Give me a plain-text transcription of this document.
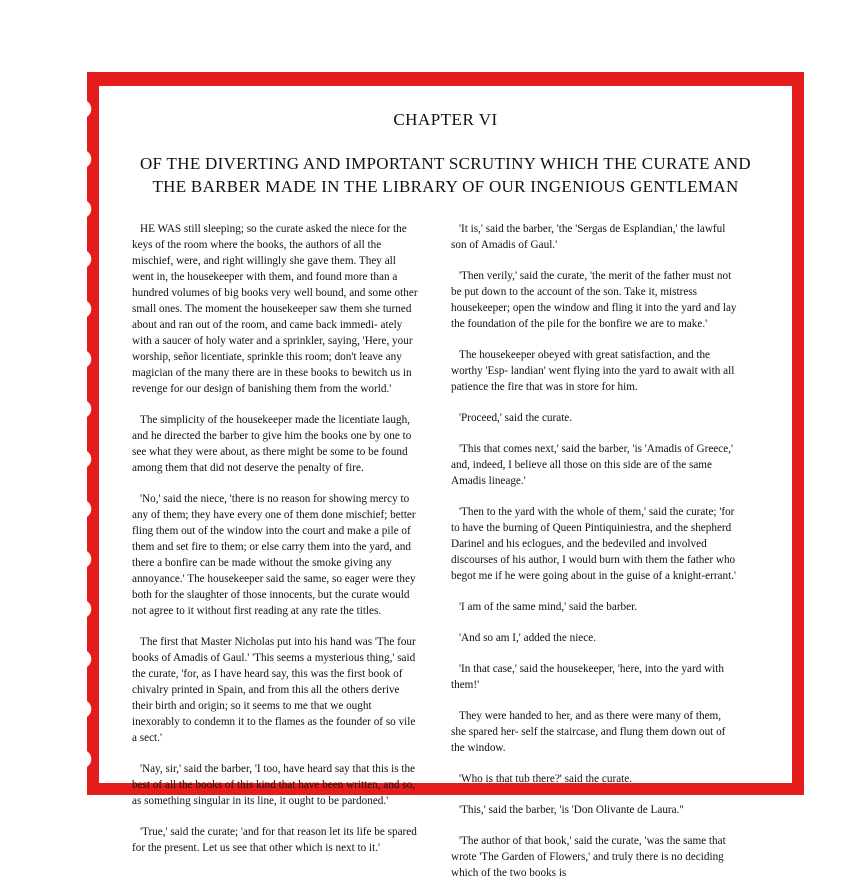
CHAPTER VI
OF THE DIVERTING AND IMPORTANT SCRUTINY WHICH THE CURATE AND THE BARBER MADE IN THE LIBRARY OF OUR INGENIOUS GENTLEMAN

HE WAS still sleeping; so the curate asked the niece for the keys of the room where the books, the authors of all the mischief, were, and right willingly she gave them. They all went in, the housekeeper with them, and found more than a hundred volumes of big books very well bound, and some other small ones. The moment the housekeeper saw them she turned about and ran out of the room, and came back immedi- ately with a saucer of holy water and a sprinkler, saying, 'Here, your worship, señor licentiate, sprinkle this room; don't leave any magician of the many there are in these books to bewitch us in revenge for our design of banishing them from the world.'

The simplicity of the housekeeper made the licentiate laugh, and he directed the barber to give him the books one by one to see what they were about, as there might be some to be found among them that did not deserve the penalty of fire.

'No,' said the niece, 'there is no reason for showing mercy to any of them; they have every one of them done mischief; better fling them out of the window into the court and make a pile of them and set fire to them; or else carry them into the yard, and there a bonfire can be made without the smoke giving any annoyance.' The housekeeper said the same, so eager were they both for the slaughter of those innocents, but the curate would not agree to it without first reading at any rate the titles.

The first that Master Nicholas put into his hand was 'The four books of Amadis of Gaul.' 'This seems a mysterious thing,' said the curate, 'for, as I have heard say, this was the first book of chivalry printed in Spain, and from this all the others derive their birth and origin; so it seems to me that we ought inexorably to condemn it to the flames as the founder of so vile a sect.'

'Nay, sir,' said the barber, 'I too, have heard say that this is the best of all the books of this kind that have been written, and so, as something singular in its line, it ought to be pardoned.'

'True,' said the curate; 'and for that reason let its life be spared for the present. Let us see that other which is next to it.'

'It is,' said the barber, 'the 'Sergas de Esplandian,' the lawful son of Amadis of Gaul.'

'Then verily,' said the curate, 'the merit of the father must not be put down to the account of the son. Take it, mistress housekeeper; open the window and fling it into the yard and lay the foundation of the pile for the bonfire we are to make.'

The housekeeper obeyed with great satisfaction, and the worthy 'Esp- landian' went flying into the yard to await with all patience the fire that was in store for him.

'Proceed,' said the curate.

'This that comes next,' said the barber, 'is 'Amadis of Greece,' and, indeed, I believe all those on this side are of the same Amadis lineage.'

'Then to the yard with the whole of them,' said the curate; 'for to have the burning of Queen Pintiquiniestra, and the shepherd Darinel and his eclogues, and the bedeviled and involved discourses of his author, I would burn with them the father who begot me if he were going about in the guise of a knight-errant.'

'I am of the same mind,' said the barber.

'And so am I,' added the niece.

'In that case,' said the housekeeper, 'here, into the yard with them!'

They were handed to her, and as there were many of them, she spared her- self the staircase, and flung them down out of the window.

'Who is that tub there?' said the curate.

'This,' said the barber, 'is 'Don Olivante de Laura.''

'The author of that book,' said the curate, 'was the same that wrote 'The Garden of Flowers,' and truly there is no deciding which of the two books is
